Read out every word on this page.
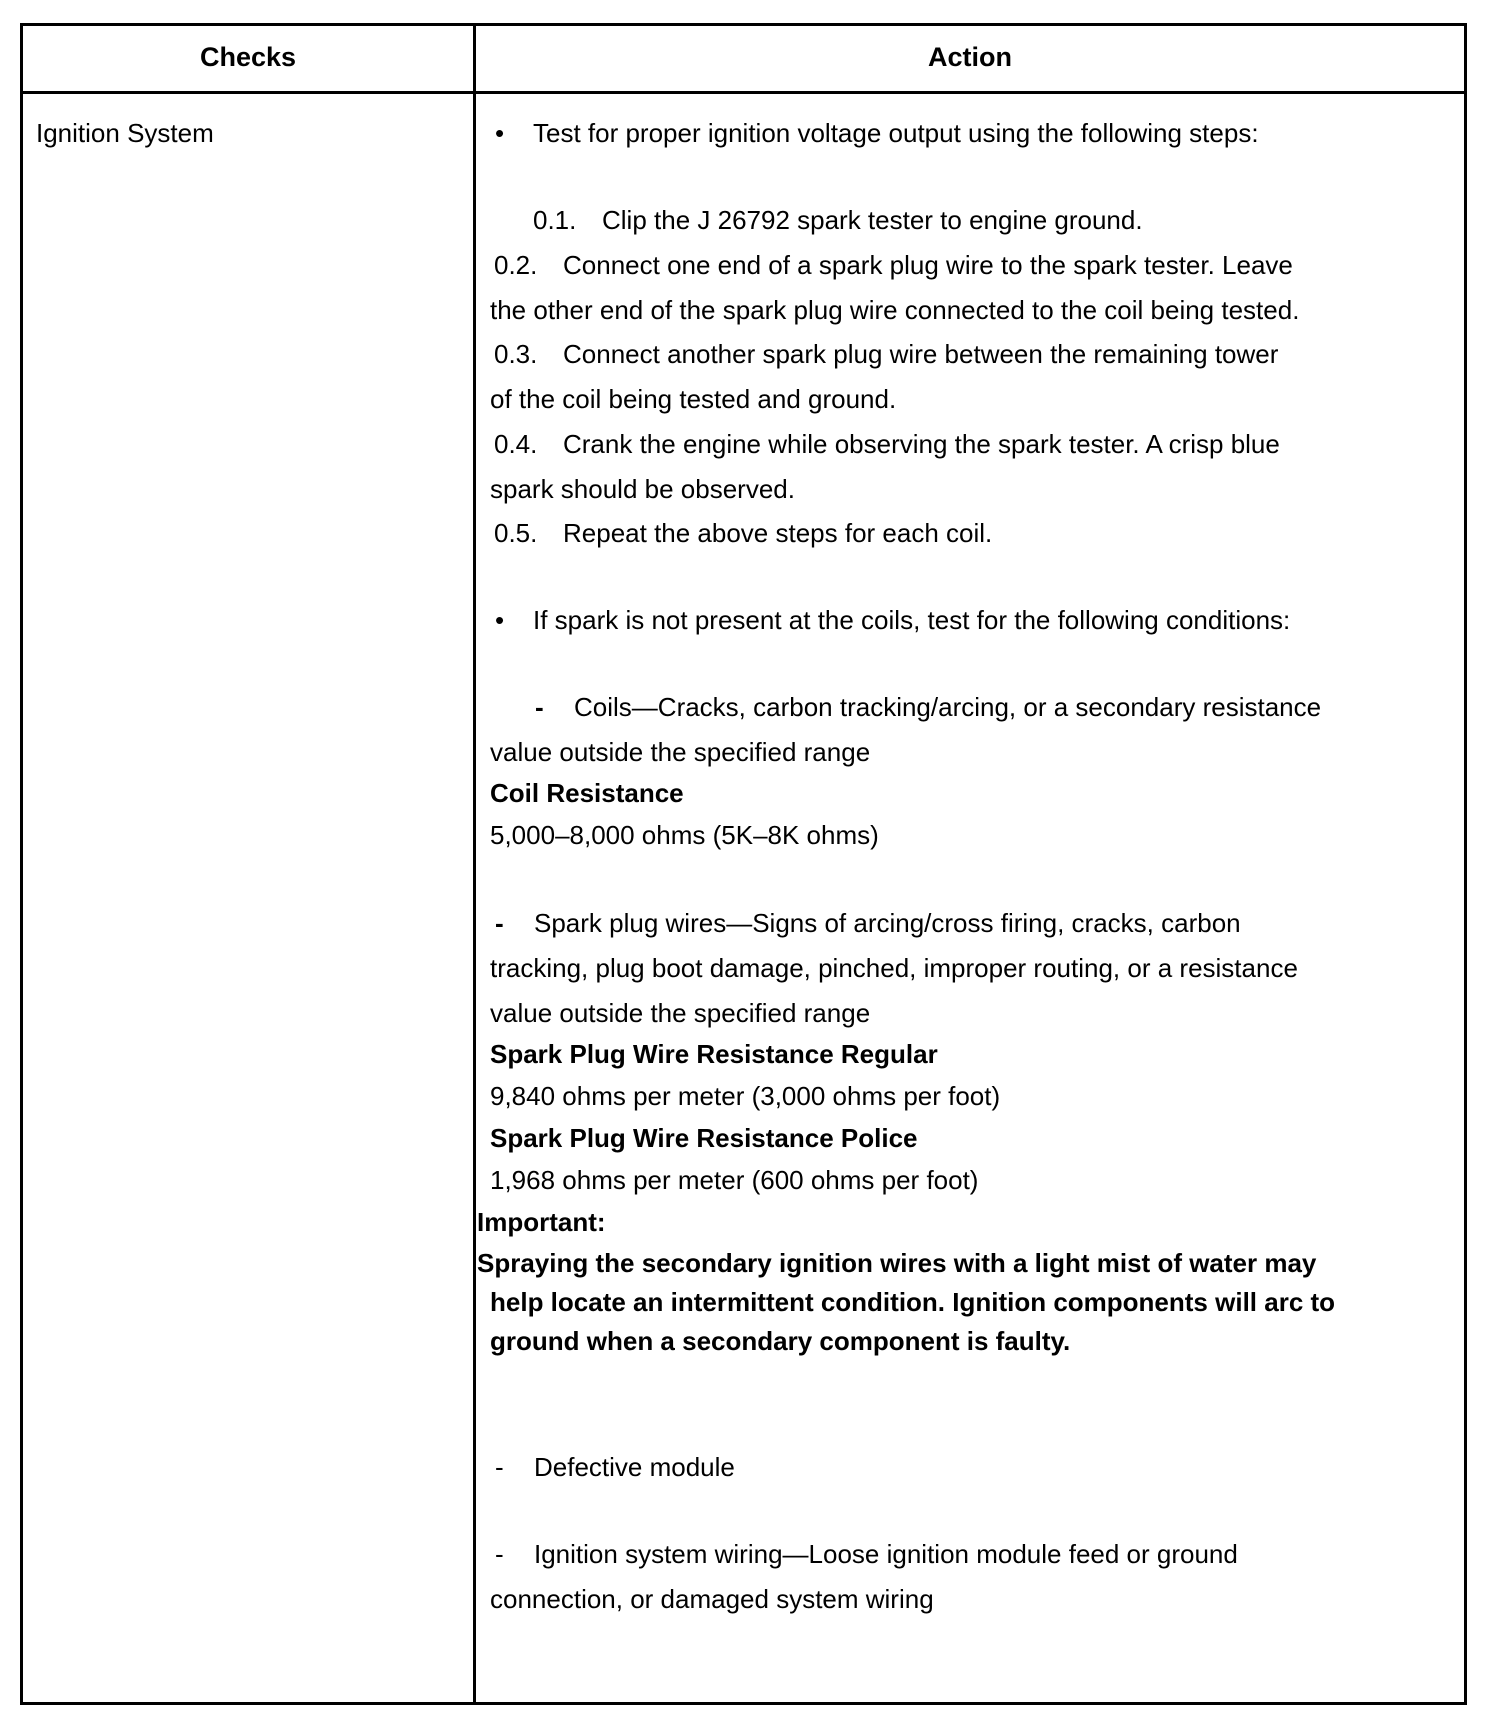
Checks	Action
Ignition System	• Test for proper ignition voltage output using the following steps:
0.1. Clip the J 26792 spark tester to engine ground.
0.2. Connect one end of a spark plug wire to the spark tester. Leave
the other end of the spark plug wire connected to the coil being tested.
0.3. Connect another spark plug wire between the remaining tower
of the coil being tested and ground.
0.4. Crank the engine while observing the spark tester. A crisp blue
spark should be observed.
0.5. Repeat the above steps for each coil.
• If spark is not present at the coils, test for the following conditions:
- Coils—Cracks, carbon tracking/arcing, or a secondary resistance
value outside the specified range
Coil Resistance
5,000–8,000 ohms (5K–8K ohms)
- Spark plug wires—Signs of arcing/cross firing, cracks, carbon
tracking, plug boot damage, pinched, improper routing, or a resistance
value outside the specified range
Spark Plug Wire Resistance Regular
9,840 ohms per meter (3,000 ohms per foot)
Spark Plug Wire Resistance Police
1,968 ohms per meter (600 ohms per foot)
Important:
Spraying the secondary ignition wires with a light mist of water may
help locate an intermittent condition. Ignition components will arc to
ground when a secondary component is faulty.
- Defective module
- Ignition system wiring—Loose ignition module feed or ground
connection, or damaged system wiring
